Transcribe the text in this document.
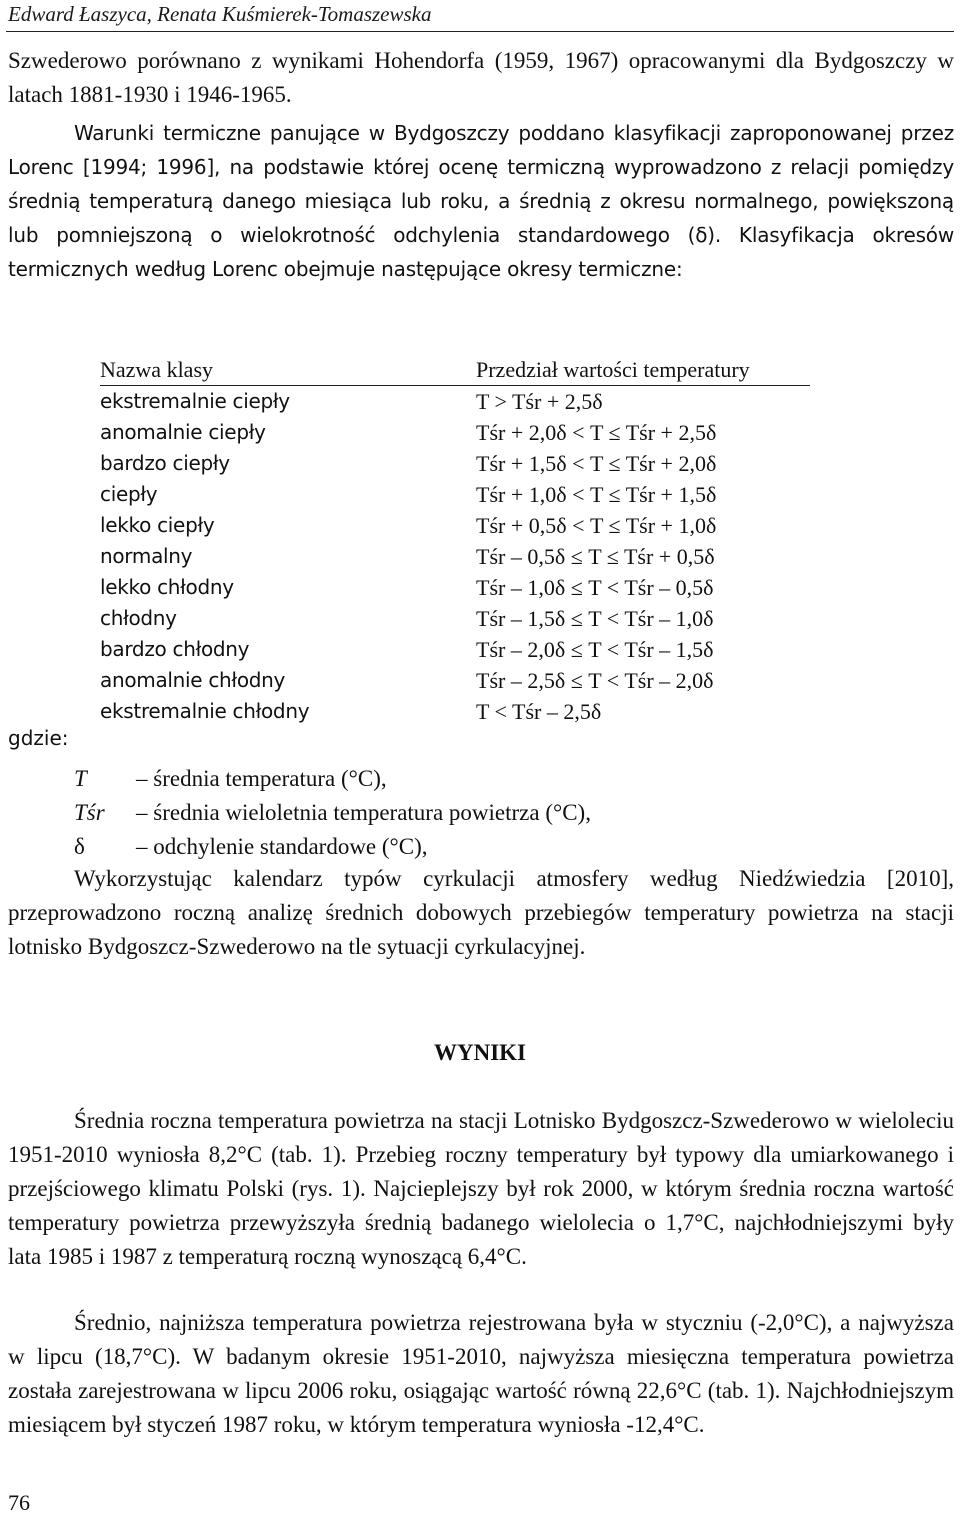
Edward Łaszyca, Renata Kuśmierek-Tomaszewska
Szwederowo porównano z wynikami Hohendorfa (1959, 1967) opracowanymi dla Bydgoszczy w latach 1881-1930 i 1946-1965.
Warunki termiczne panujące w Bydgoszczy poddano klasyfikacji zaproponowanej przez Lorenc [1994; 1996], na podstawie której ocenę termiczną wyprowadzono z relacji pomiędzy średnią temperaturą danego miesiąca lub roku, a średnią z okresu normalnego, powiększoną lub pomniejszoną o wielokrotność odchylenia standardowego (δ). Klasyfikacja okresów termicznych według Lorenc obejmuje następujące okresy termiczne:
Nazwa klasy	Przedział wartości temperatury
ekstremalnie ciepły	T > Tśr + 2,5δ
anomalnie ciepły	Tśr + 2,0δ < T ≤ Tśr + 2,5δ
bardzo ciepły	Tśr + 1,5δ < T ≤ Tśr + 2,0δ
ciepły	Tśr + 1,0δ < T ≤ Tśr + 1,5δ
lekko ciepły	Tśr + 0,5δ < T ≤ Tśr + 1,0δ
normalny	Tśr – 0,5δ ≤ T ≤ Tśr + 0,5δ
lekko chłodny	Tśr – 1,0δ ≤ T < Tśr – 0,5δ
chłodny	Tśr – 1,5δ ≤ T < Tśr – 1,0δ
bardzo chłodny	Tśr – 2,0δ ≤ T < Tśr – 1,5δ
anomalnie chłodny	Tśr – 2,5δ ≤ T < Tśr – 2,0δ
ekstremalnie chłodny	T < Tśr – 2,5δ
gdzie:
T	– średnia temperatura (°C),
Tśr	– średnia wieloletnia temperatura powietrza (°C),
δ	– odchylenie standardowe (°C),
Wykorzystując kalendarz typów cyrkulacji atmosfery według Niedźwiedzia [2010], przeprowadzono roczną analizę średnich dobowych przebiegów temperatury powietrza na stacji lotnisko Bydgoszcz-Szwederowo na tle sytuacji cyrkulacyjnej.
WYNIKI
Średnia roczna temperatura powietrza na stacji Lotnisko Bydgoszcz-Szwederowo w wieloleciu 1951-2010 wyniosła 8,2°C (tab. 1). Przebieg roczny temperatury był typowy dla umiarkowanego i przejściowego klimatu Polski (rys. 1). Najcieplejszy był rok 2000, w którym średnia roczna wartość temperatury powietrza przewyższyła średnią badanego wielolecia o 1,7°C, najchłodniejszymi były lata 1985 i 1987 z temperaturą roczną wynoszącą 6,4°C.
Średnio, najniższa temperatura powietrza rejestrowana była w styczniu (-2,0°C), a najwyższa w lipcu (18,7°C). W badanym okresie 1951-2010, najwyższa miesięczna temperatura powietrza została zarejestrowana w lipcu 2006 roku, osiągając wartość równą 22,6°C (tab. 1). Najchłodniejszym miesiącem był styczeń 1987 roku, w którym temperatura wyniosła -12,4°C.
76
